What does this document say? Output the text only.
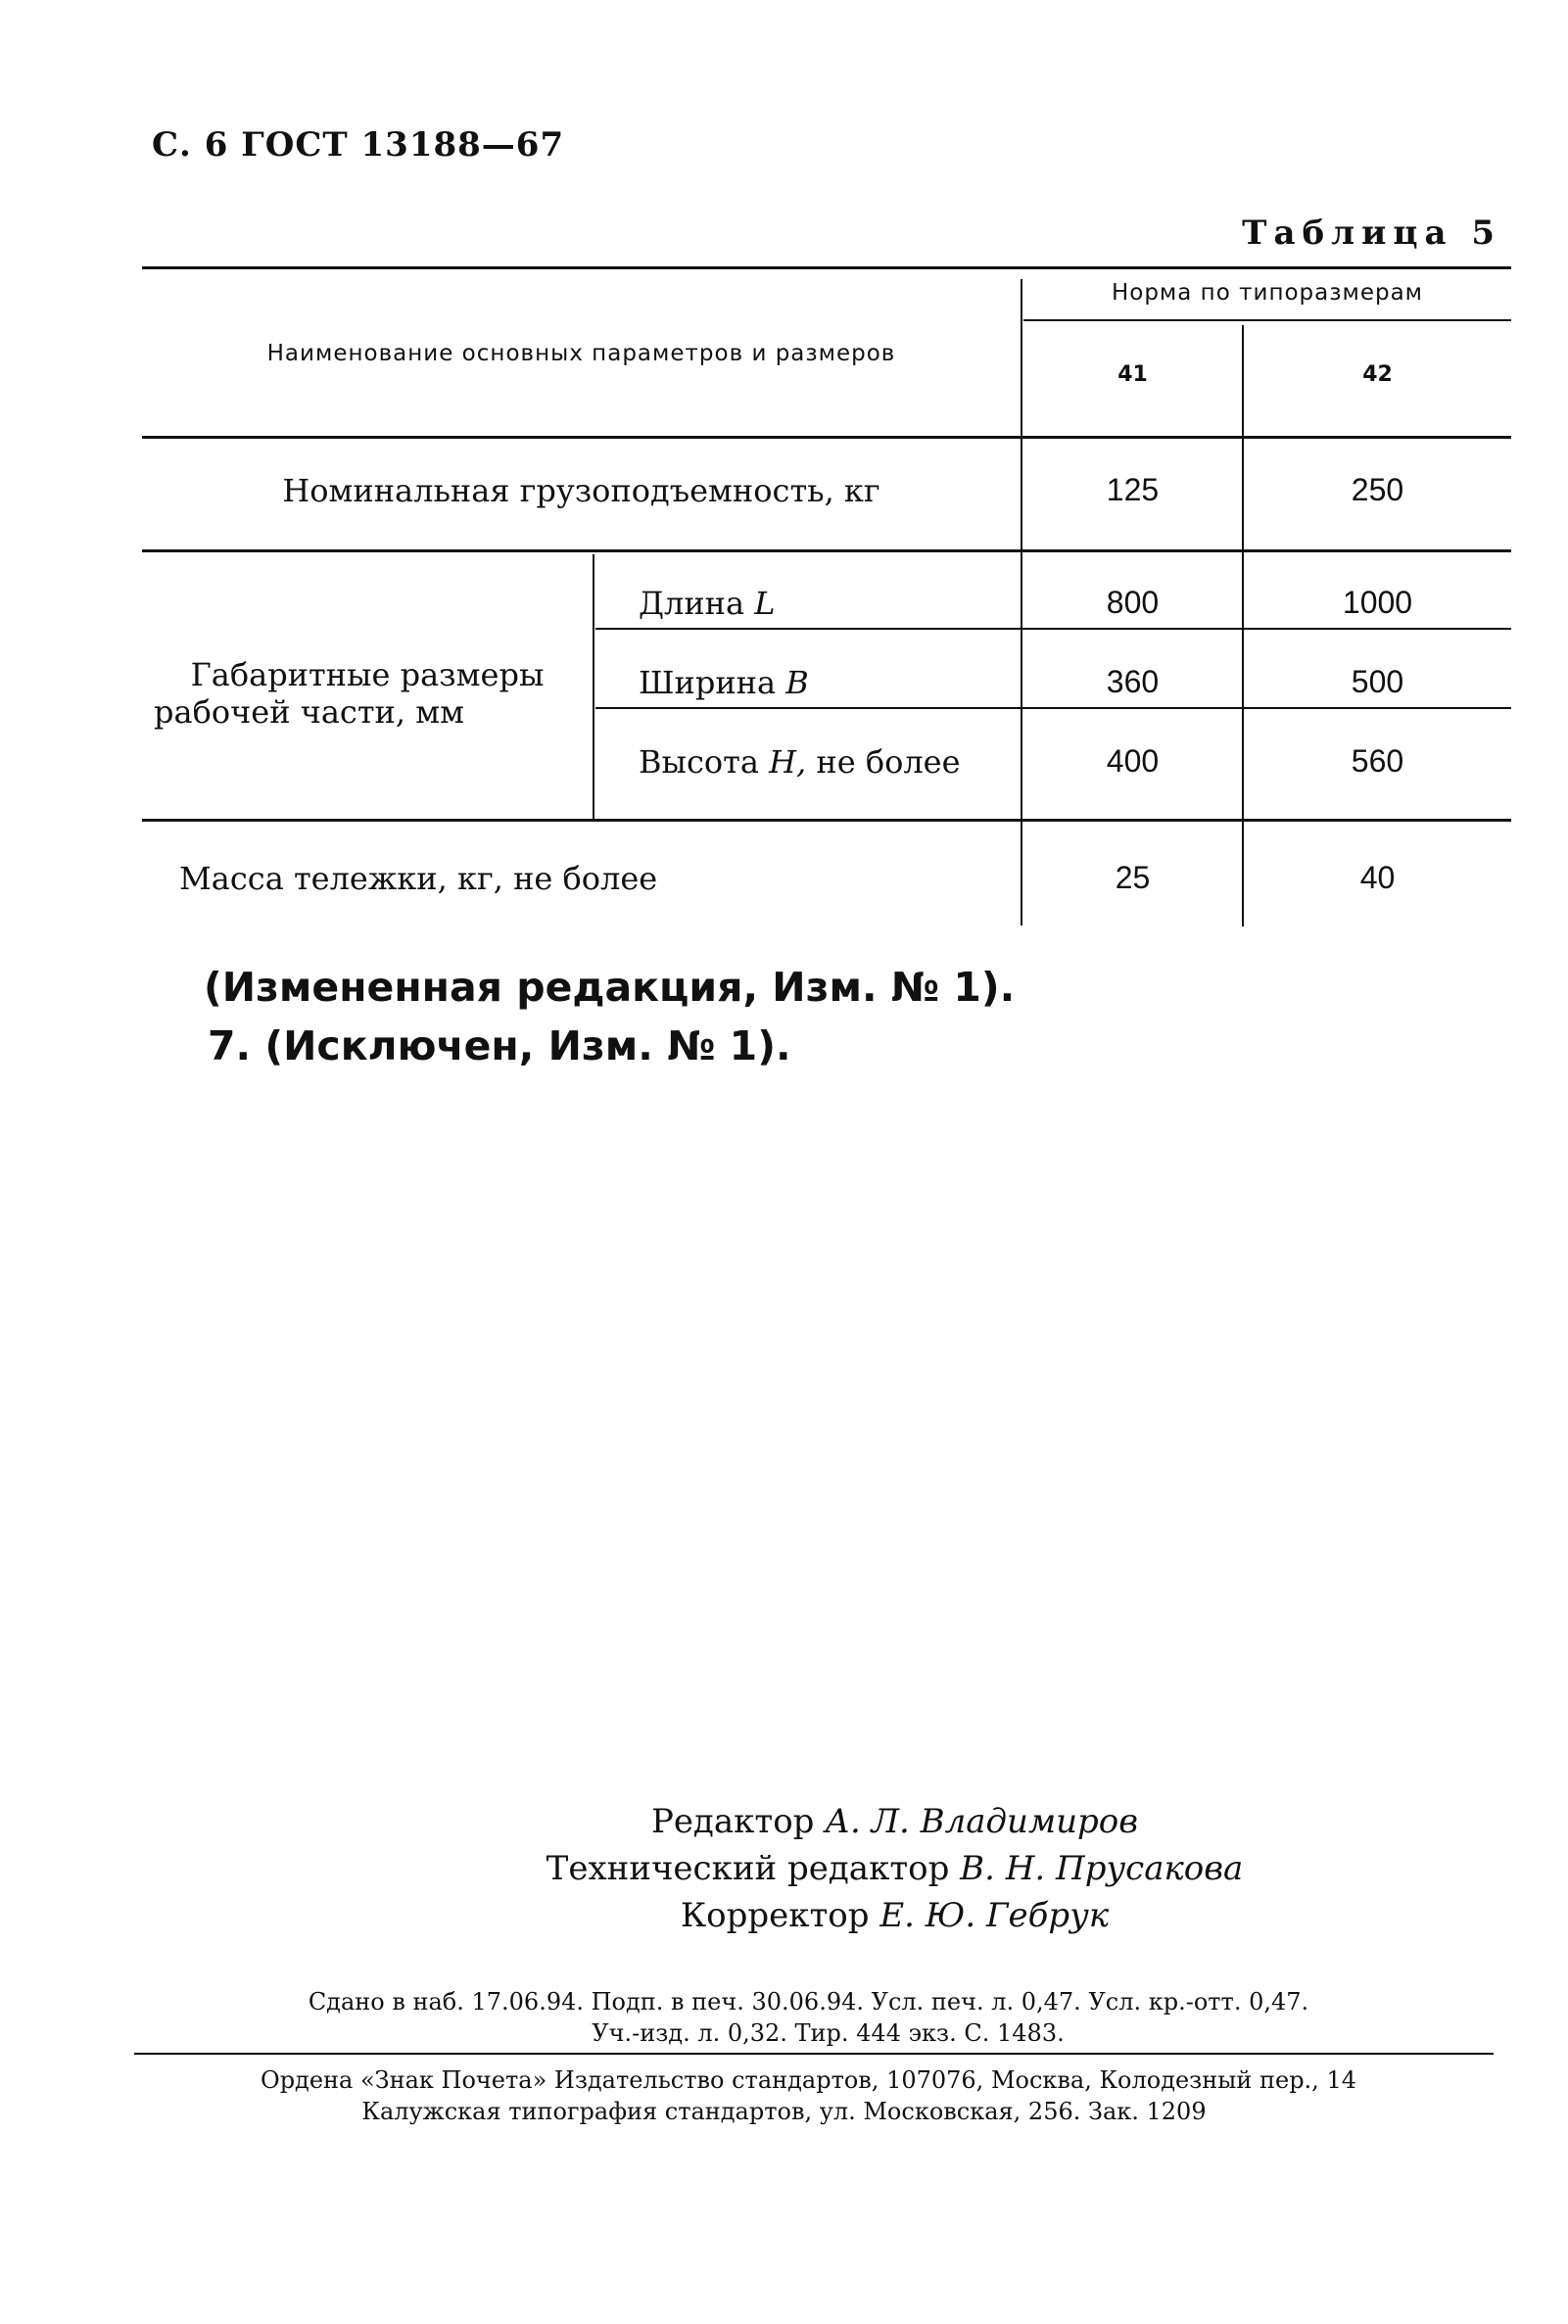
С. 6 ГОСТ 13188—67
Таблица 5
Наименование основных параметров и размеров
Норма по типоразмерам
41	42
Номинальная грузоподъемность, кг	125	250
Габаритные размеры
рабочей части, мм
Длина L	800	1000
Ширина B	360	500
Высота H, не более	400	560
Масса тележки, кг, не более	25	40
(Измененная редакция, Изм. № 1).
7. (Исключен, Изм. № 1).
Редактор А. Л. Владимиров
Технический редактор В. Н. Прусакова
Корректор Е. Ю. Гебрук
Сдано в наб. 17.06.94. Подп. в печ. 30.06.94. Усл. печ. л. 0,47. Усл. кр.-отт. 0,47.
Уч.-изд. л. 0,32. Тир. 444 экз. С. 1483.
Ордена «Знак Почета» Издательство стандартов, 107076, Москва, Колодезный пер., 14
Калужская типография стандартов, ул. Московская, 256. Зак. 1209
